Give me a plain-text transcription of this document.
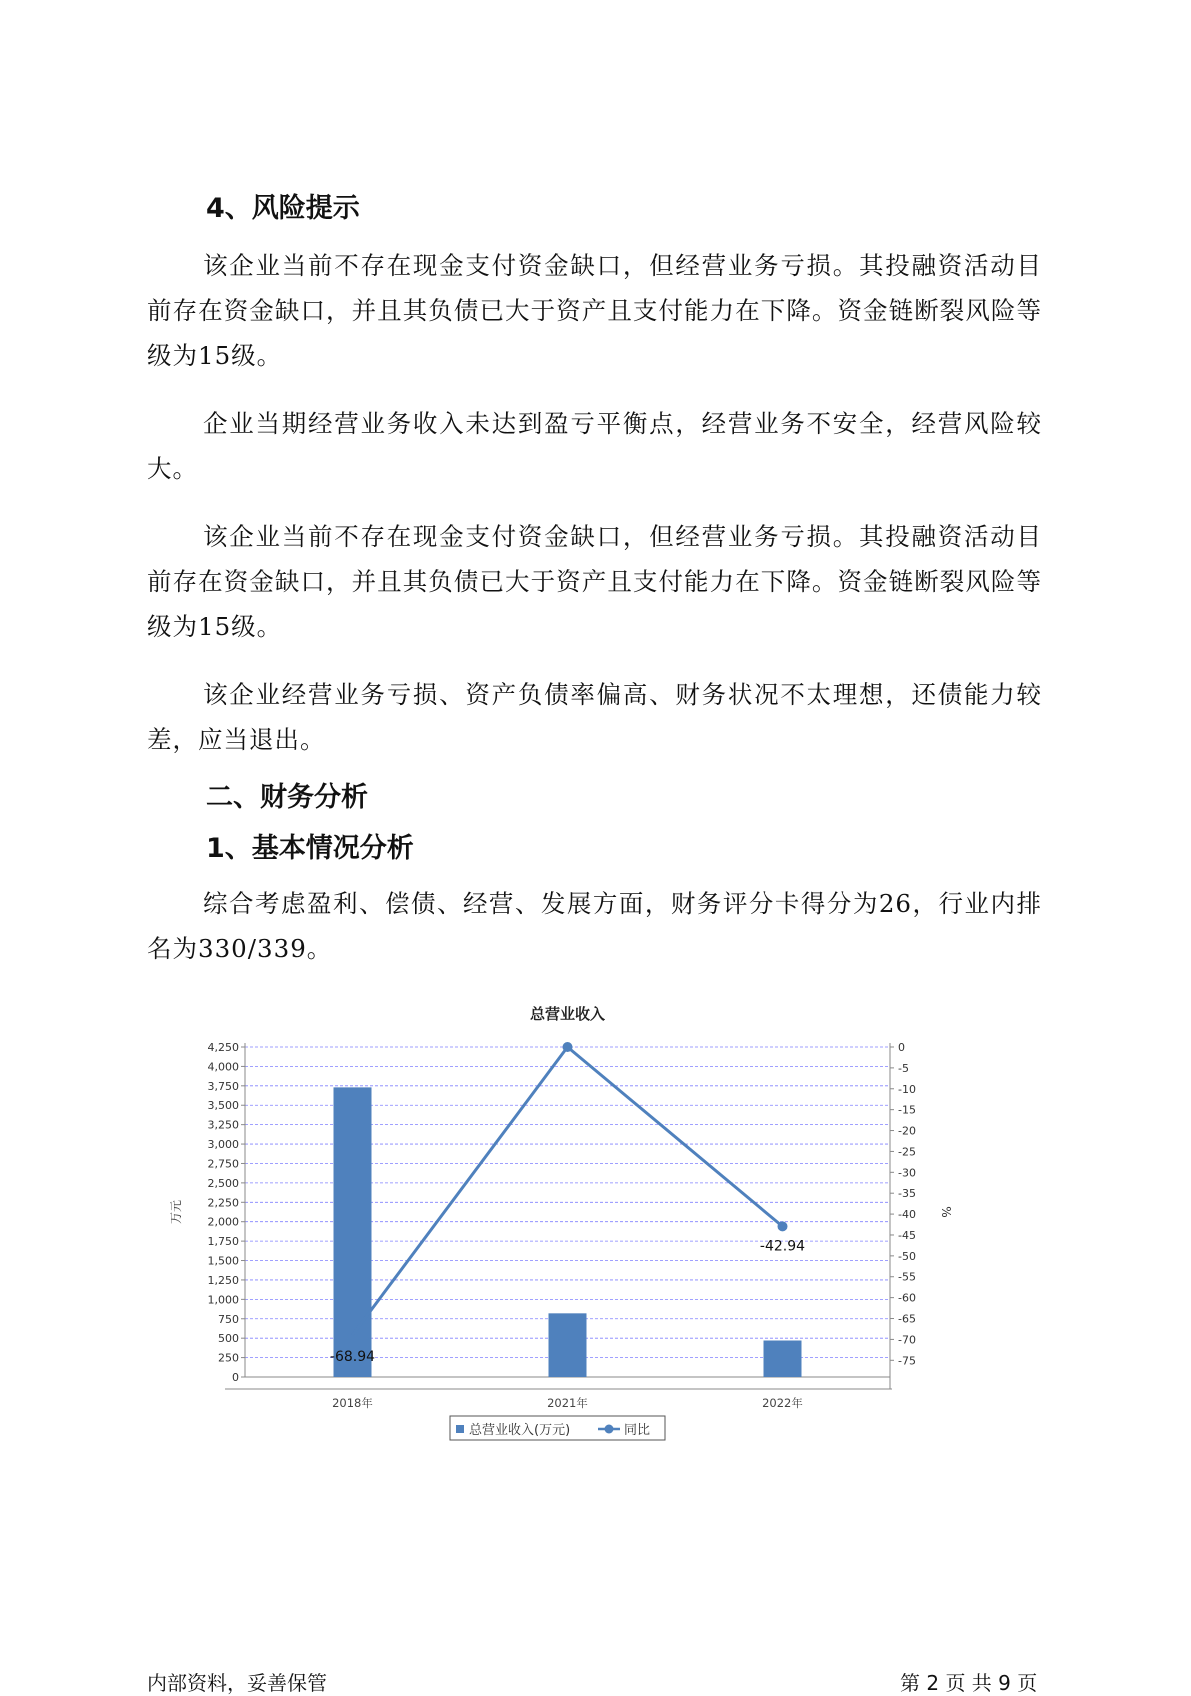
4、风险提示

该企业当前不存在现金支付资金缺口，但经营业务亏损。其投融资活动目前存在资金缺口，并且其负债已大于资产且支付能力在下降。资金链断裂风险等级为15级。

企业当期经营业务收入未达到盈亏平衡点，经营业务不安全，经营风险较大。

该企业当前不存在现金支付资金缺口，但经营业务亏损。其投融资活动目前存在资金缺口，并且其负债已大于资产且支付能力在下降。资金链断裂风险等级为15级。

该企业经营业务亏损、资产负债率偏高、财务状况不太理想，还债能力较差，应当退出。

二、财务分析
1、基本情况分析

综合考虑盈利、偿债、经营、发展方面，财务评分卡得分为26，行业内排名为330/339。

总营业收入
0
250
500
750
1,000
1,250
1,500
1,750
2,000
2,250
2,500
2,750
3,000
3,250
3,500
3,750
4,000
4,250	0
-5
-10
-15
-20
-25
-30
-35
-40
-45
-50
-55
-60
-65
-70
-75
万元	%
2018年	2021年	2022年
-68.94
-42.94
总营业收入(万元)	同比
内部资料，妥善保管	第 2 页 共 9 页
